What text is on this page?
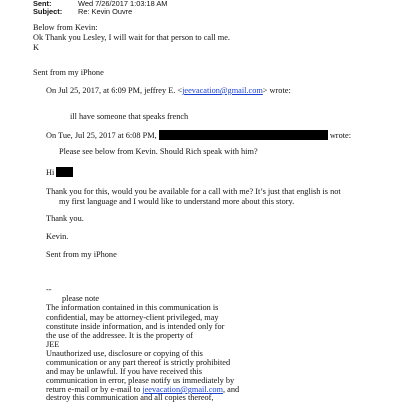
Sent:	Wed 7/26/2017 1:03:18 AM
Subject: Re: Kevin Ouvre
Below from Kevin:
Ok Thank you Lesley, I will wait for that person to call me.
K
Sent from my iPhone
On Jul 25, 2017, at 6:09 PM, jeffrey E. <jeevacation@gmail.com> wrote:
ill have someone that speaks french
On Tue, Jul 25, 2017 at 6:08 PM,	wrote:
Please see below from Kevin. Should Rich speak with him?
Hi
Thank you for this, would you be available for a call with me? It’s just that english is not
my first language and I would like to understand more about this story.
Thank you.
Kevin.
Sent from my iPhone
--
please note
The information contained in this communication is
confidential, may be attorney-client privileged, may
constitute inside information, and is intended only for
the use of the addressee. It is the property of
JEE
Unauthorized use, disclosure or copying of this
communication or any part thereof is strictly prohibited
and may be unlawful. If you have received this
communication in error, please notify us immediately by
return e-mail or by e-mail to jeevacation@gmail.com, and
destroy this communication and all copies thereof,
